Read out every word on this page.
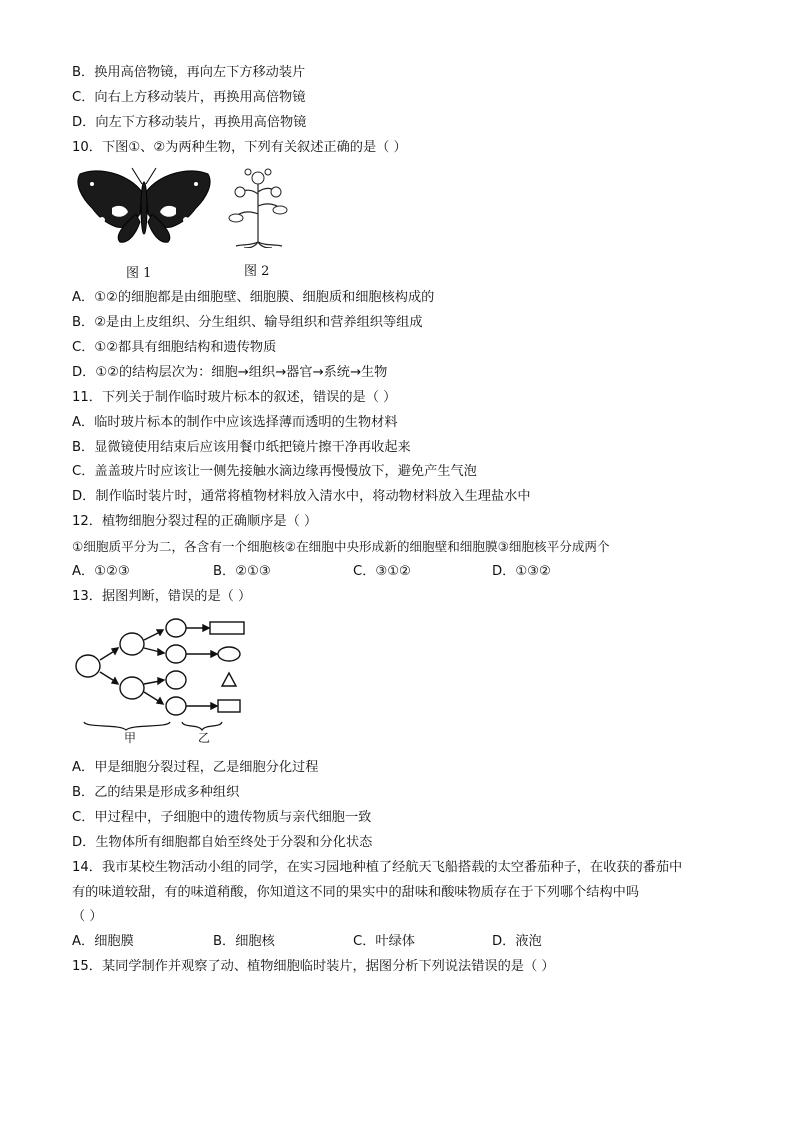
B．换用高倍物镜，再向左下方移动装片
C．向右上方移动装片，再换用高倍物镜
D．向左下方移动装片，再换用高倍物镜
10．下图①、②为两种生物，下列有关叙述正确的是（ ）
图 1	图 2
A．①②的细胞都是由细胞壁、细胞膜、细胞质和细胞核构成的
B．②是由上皮组织、分生组织、输导组织和营养组织等组成
C．①②都具有细胞结构和遗传物质
D．①②的结构层次为：细胞→组织→器官→系统→生物
11．下列关于制作临时玻片标本的叙述，错误的是（ ）
A．临时玻片标本的制作中应该选择薄而透明的生物材料
B．显微镜使用结束后应该用餐巾纸把镜片擦干净再收起来
C．盖盖玻片时应该让一侧先接触水滴边缘再慢慢放下，避免产生气泡
D．制作临时装片时，通常将植物材料放入清水中，将动物材料放入生理盐水中
12．植物细胞分裂过程的正确顺序是（ ）
①细胞质平分为二，各含有一个细胞核②在细胞中央形成新的细胞壁和细胞膜③细胞核平分成两个
A．①②③	B．②①③	C．③①②	D．①③②
13．据图判断，错误的是（ ）
甲	乙
A．甲是细胞分裂过程，乙是细胞分化过程
B．乙的结果是形成多种组织
C．甲过程中，子细胞中的遗传物质与亲代细胞一致
D．生物体所有细胞都自始至终处于分裂和分化状态
14．我市某校生物活动小组的同学，在实习园地种植了经航天飞船搭载的太空番茄种子，在收获的番茄中
有的味道较甜，有的味道稍酸，你知道这不同的果实中的甜味和酸味物质存在于下列哪个结构中吗
（ ）
A．细胞膜	B．细胞核	C．叶绿体	D．液泡
15．某同学制作并观察了动、植物细胞临时装片，据图分析下列说法错误的是（ ）
